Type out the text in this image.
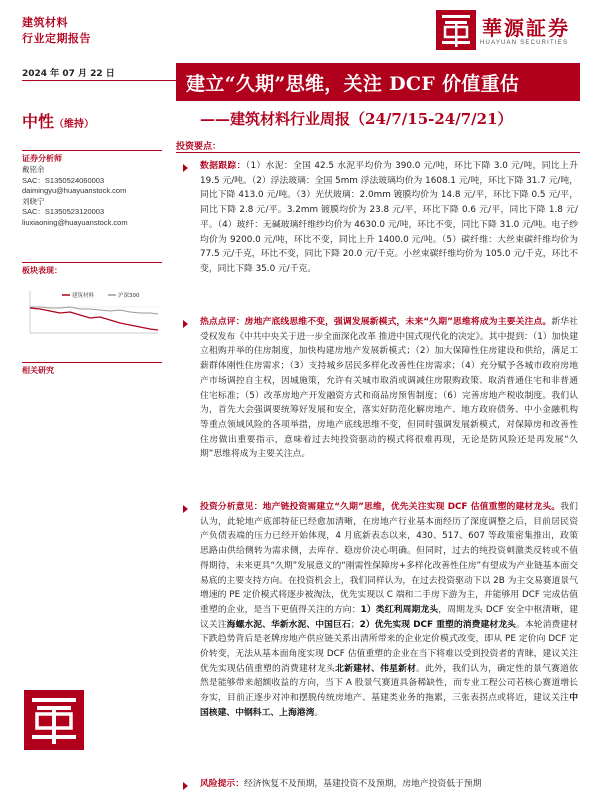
建筑材料
行业定期报告	華源証券
HUAYUAN SECURITIES
2024 年 07 月 22 日	建立“久期”思维，关注 DCF 价值重估
——建筑材料行业周报（24/7/15-24/7/21）
中性（维持）
投资要点：
证券分析师
戴铭余
SAC：S1350524060003
daimingyu@huayuanstock.com
刘晓宁
SAC：S1350523120003
liuxiaoning@huayuanstock.com
板块表现：
建筑材料	沪深300
相关研究
数据跟踪：（1）水泥：全国 42.5 水泥平均价为 390.0 元/吨，环比下降 3.0 元/吨，同比上升 19.5 元/吨。（2）浮法玻璃：全国 5mm 浮法玻璃均价为 1608.1 元/吨，环比下降 31.7 元/吨，同比下降 413.0 元/吨。（3）光伏玻璃：2.0mm 镀膜均价为 14.8 元/平，环比下降 0.5 元/平，同比下降 2.8 元/平。3.2mm 镀膜均价为 23.8 元/平，环比下降 0.6 元/平，同比下降 1.8 元/平。（4）玻纤：无碱玻璃纤维纱均价为 4630.0 元/吨，环比不变，同比下降 31.0 元/吨。电子纱均价为 9200.0 元/吨，环比不变，同比上升 1400.0 元/吨。（5）碳纤维：大丝束碳纤维均价为 77.5 元/千克，环比不变，同比下降 20.0 元/千克。小丝束碳纤维均价为 105.0 元/千克，环比不变，同比下降 35.0 元/千克。
热点点评：房地产底线思维不变，强调发展新模式，未来“久期”思维将成为主要关注点。新华社受权发布《中共中央关于进一步全面深化改革 推进中国式现代化的决定》。其中提到：（1）加快建立租购并举的住房制度，加快构建房地产发展新模式；（2）加大保障性住房建设和供给，满足工薪群体刚性住房需求；（3）支持城乡居民多样化改善性住房需求；（4）充分赋予各城市政府房地产市场调控自主权，因城施策，允许有关城市取消或调减住房限购政策、取消普通住宅和非普通住宅标准；（5）改革房地产开发融资方式和商品房预售制度；（6）完善房地产税收制度。我们认为，首先大会强调要统筹好发展和安全，落实好防范化解房地产、地方政府债务、中小金融机构等重点领域风险的各项举措，房地产底线思维不变，但同时强调发展新模式，对保障房和改善性住房做出重要指示，意味着过去纯投资驱动的模式将很难再现，无论是防风险还是再发展“久期”思维将成为主要关注点。
投资分析意见：地产链投资需建立“久期”思维，优先关注实现 DCF 估值重塑的建材龙头。我们认为，此轮地产底部特征已经愈加清晰，在房地产行业基本面经历了深度调整之后，目前居民资产负债表端的压力已经开始体现，4 月底新表态以来，430、517、607 等政策密集推出，政策思路由供给侧转为需求侧，去库存、稳房价决心明确。但同时，过去的纯投资刺激类反转或不值得期待，未来更具“久期”发展意义的“刚需性保障房+多样化改善性住房”有望成为产业链基本面交易底的主要支持方向。在投资机会上，我们同样认为，在过去投资驱动下以 2B 为主交易赛道景气增速的 PE 定价模式将逐步被淘汰，优先实现以 C 端和二手房下游为主，并能够用 DCF 完成估值重塑的企业，是当下更值得关注的方向：1）类红利周期龙头，周期龙头 DCF 安全中枢清晰，建议关注海螺水泥、华新水泥、中国巨石；2）优先实现 DCF 重塑的消费建材龙头。本轮消费建材下跌趋势背后是老牌房地产供应链关系出清所带来的企业定价模式改变，即从 PE 定价向 DCF 定价转变，无法从基本面角度实现 DCF 估值重塑的企业在当下将难以受到投资者的青睐，建议关注优先实现估值重塑的消费建材龙头北新建材、伟星新材。此外，我们认为，确定性的景气赛道依然是能够带来超额收益的方向，当下 A 股景气赛道具备稀缺性，而专业工程公司若核心赛道增长夯实，目前正逐步对冲和摆脱传统房地产、基建类业务的拖累，三张表拐点或将近，建议关注中国核建、中钢科工、上海港湾。
风险提示：经济恢复不及预期，基建投资不及预期，房地产投资低于预期
